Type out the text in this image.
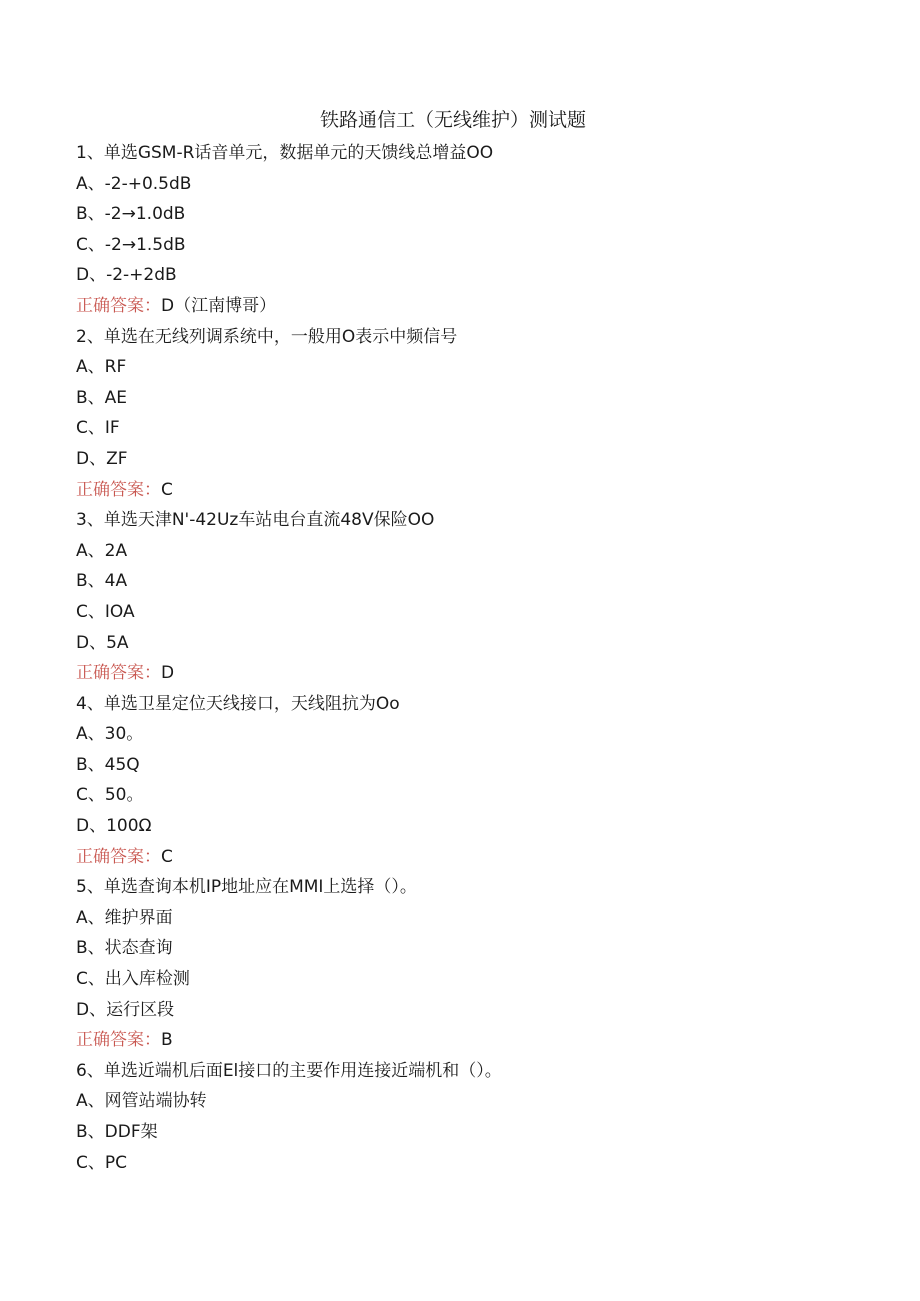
铁路通信工（无线维护）测试题
1、单选GSM-R话音单元，数据单元的天馈线总增益OO
A、-2-+0.5dB
B、-2→1.0dB
C、-2→1.5dB
D、-2-+2dB
正确答案：D（江南博哥）
2、单选在无线列调系统中，一般用O表示中频信号
A、RF
B、AE
C、IF
D、ZF
正确答案：C
3、单选天津N'-42Uz车站电台直流48V保险OO
A、2A
B、4A
C、IOA
D、5A
正确答案：D
4、单选卫星定位天线接口，天线阻抗为Oo
A、30。
B、45Q
C、50。
D、100Ω
正确答案：C
5、单选查询本机IP地址应在MMI上选择（）。
A、维护界面
B、状态查询
C、出入库检测
D、运行区段
正确答案：B
6、单选近端机后面El接口的主要作用连接近端机和（）。
A、网管站端协转
B、DDF架
C、PC
